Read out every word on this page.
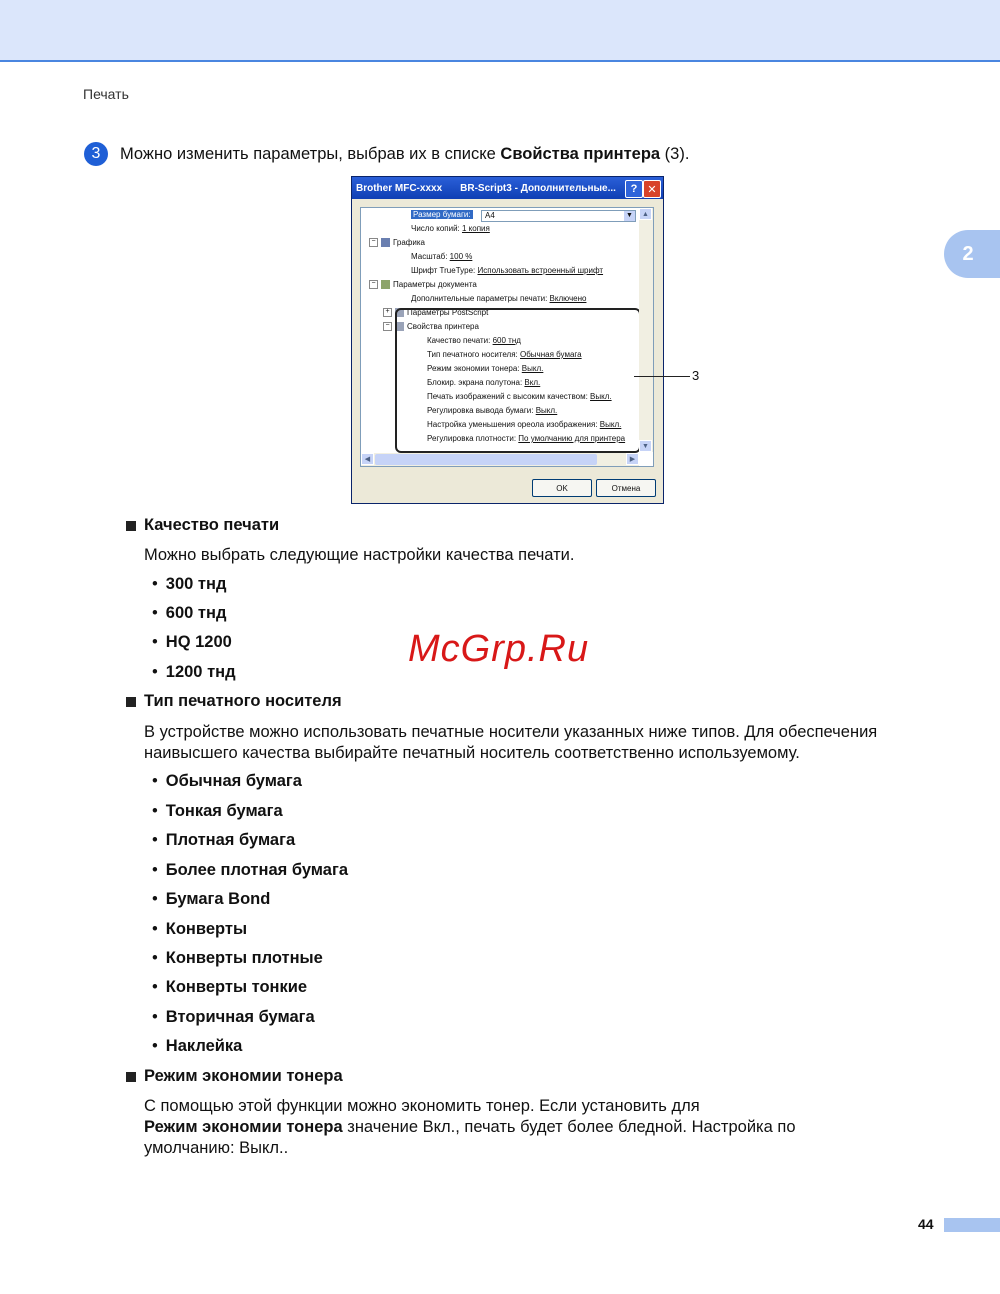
Печать
2
3	Можно изменить параметры, выбрав их в списке Свойства принтера (3).
Brother MFC-xxxx BR-Script3 - Дополнительные...	? ✕
Размер бумаги:	A4	▼
Число копий: 1 копия
− Графика
Масштаб: 100 %
Шрифт TrueType: Использовать встроенный шрифт
− Параметры документа
Дополнительные параметры печати: Включено
+ Параметры PostScript
− Свойства принтера
Качество печати: 600 тнд
Тип печатного носителя: Обычная бумага
Режим экономии тонера: Выкл.
Блокир. экрана полутона: Вкл.
Печать изображений с высоким качеством: Выкл.
Регулировка вывода бумаги: Выкл.
Настройка уменьшения ореола изображения: Выкл.
Регулировка плотности: По умолчанию для принтера
▲
▼
◀	▶
OK	Отмена
3
Качество печати
Можно выбрать следующие настройки качества печати.
• 300 тнд
• 600 тнд
• HQ 1200
• 1200 тнд
McGrp.Ru
Тип печатного носителя
В устройстве можно использовать печатные носители указанных ниже типов. Для обеспечения
наивысшего качества выбирайте печатный носитель соответственно используемому.
• Обычная бумага
• Тонкая бумага
• Плотная бумага
• Более плотная бумага
• Бумага Bond
• Конверты
• Конверты плотные
• Конверты тонкие
• Вторичная бумага
• Наклейка
Режим экономии тонера
С помощью этой функции можно экономить тонер. Если установить для
Режим экономии тонера значение Вкл., печать будет более бледной. Настройка по
умолчанию: Выкл..
44
